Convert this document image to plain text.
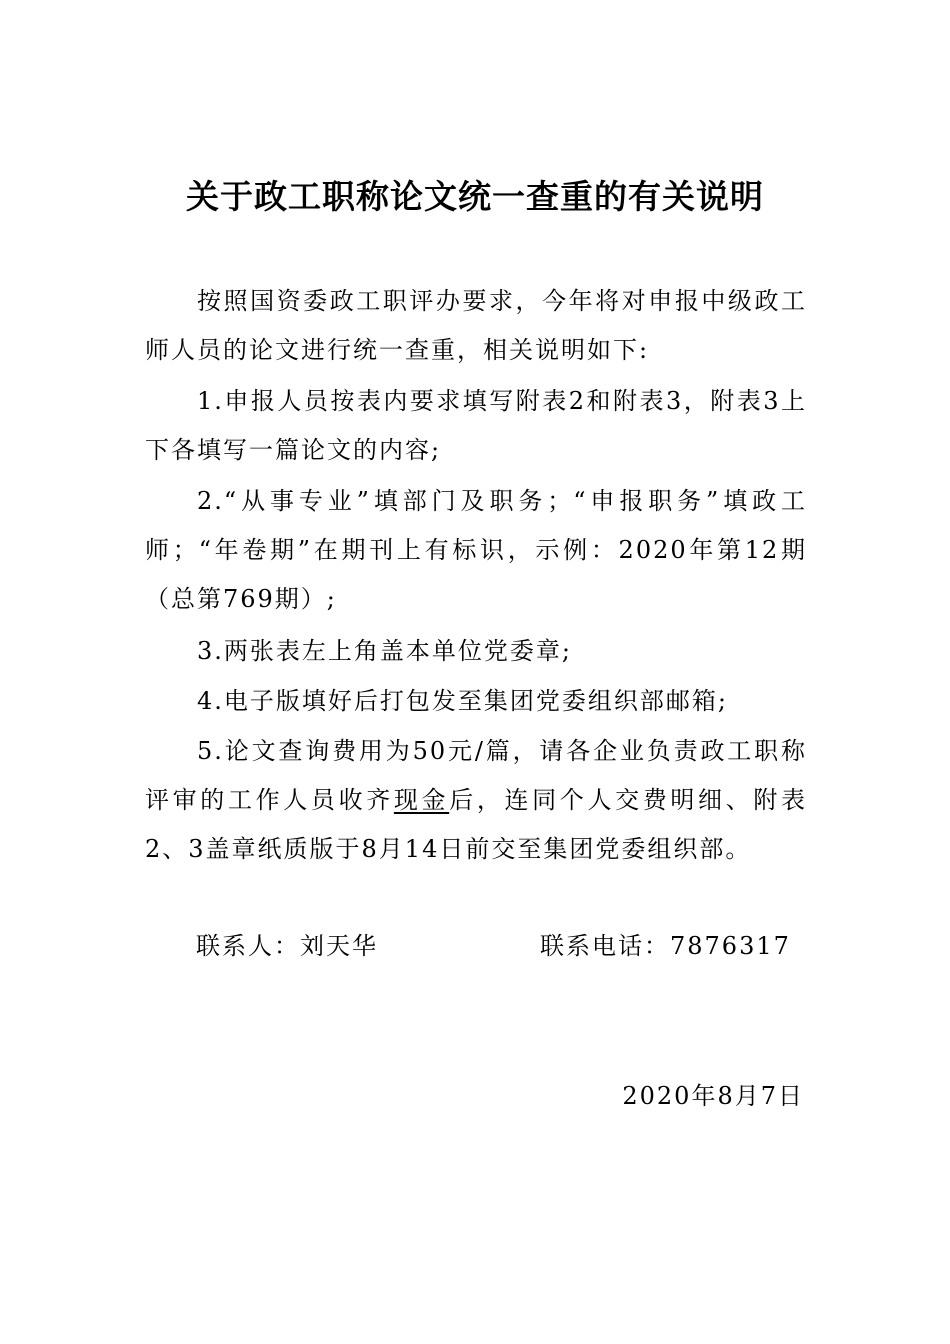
关于政工职称论文统一查重的有关说明

按照国资委政工职评办要求，今年将对申报中级政工师人员的论文进行统一查重，相关说明如下:

1.申报人员按表内要求填写附表2和附表3，附表3上下各填写一篇论文的内容;

2.“从事专业”填部门及职务；“申报职务”填政工师；“年卷期”在期刊上有标识，示例：2020年第12期（总第769期）;

3.两张表左上角盖本单位党委章;

4.电子版填好后打包发至集团党委组织部邮箱;

5.论文查询费用为50元/篇，请各企业负责政工职称评审的工作人员收齐现金后，连同个人交费明细、附表2、3盖章纸质版于8月14日前交至集团党委组织部。

联系人：刘天华	联系电话：7876317
2020年8月7日
